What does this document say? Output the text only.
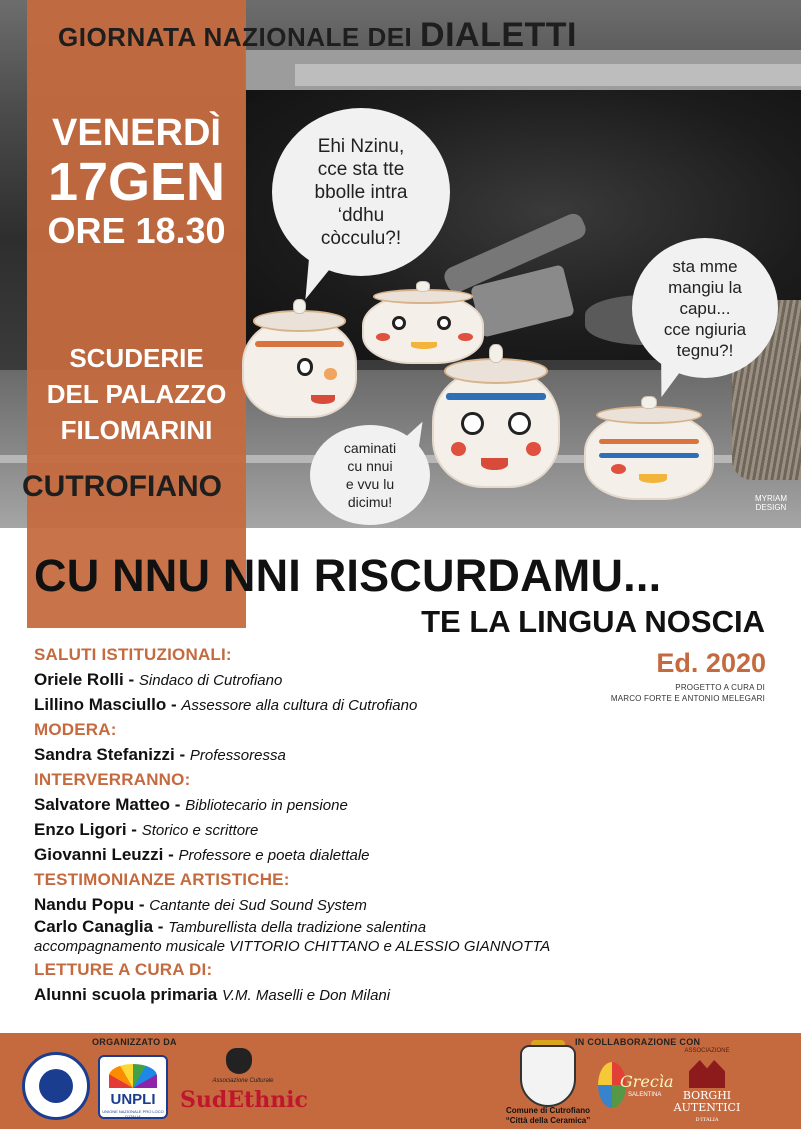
GIORNATA NAZIONALE DEI DIALETTI
VENERDÌ
17GEN
ORE 18.30
SCUDERIE
DEL PALAZZO
FILOMARINI
CUTROFIANO
Ehi Nzinu,
cce sta tte
bbolle intra
‘ddhu
còcculu?!
sta mme
mangiu la
capu...
cce ngiuria
tegnu?!
caminati
cu nnui
e vvu lu
dicimu!	MYRIAM
DESIGN
CU NNU NNI RISCURDAMU...
TE LA LINGUA NOSCIA
Ed. 2020
PROGETTO A CURA DI
MARCO FORTE E ANTONIO MELEGARI
SALUTI ISTITUZIONALI:
Oriele Rolli - Sindaco di Cutrofiano
Lillino Masciullo - Assessore alla cultura di Cutrofiano
MODERA:
Sandra Stefanizzi - Professoressa
INTERVERRANNO:
Salvatore Matteo - Bibliotecario in pensione
Enzo Ligori - Storico e scrittore
Giovanni Leuzzi - Professore e poeta dialettale
TESTIMONIANZE ARTISTICHE:
Nandu Popu - Cantante dei Sud Sound System
Carlo Canaglia - Tamburellista della tradizione salentina
accompagnamento musicale VITTORIO CHITTANO e ALESSIO GIANNOTTA
LETTURE A CURA DI:
Alunni scuola primaria V.M. Maselli e Don Milani
ORGANIZZATO DA	IN COLLABORAZIONE CON
UNPLI
UNIONE NAZIONALE PRO LOCO D'ITALIA
Associazione Culturale
SudEthnic	Comune di Cutrofiano
“Città della Ceramica”
Grecìa
SALENTINA
ASSOCIAZIONE
BORGHI
AUTENTICI
D'ITALIA
